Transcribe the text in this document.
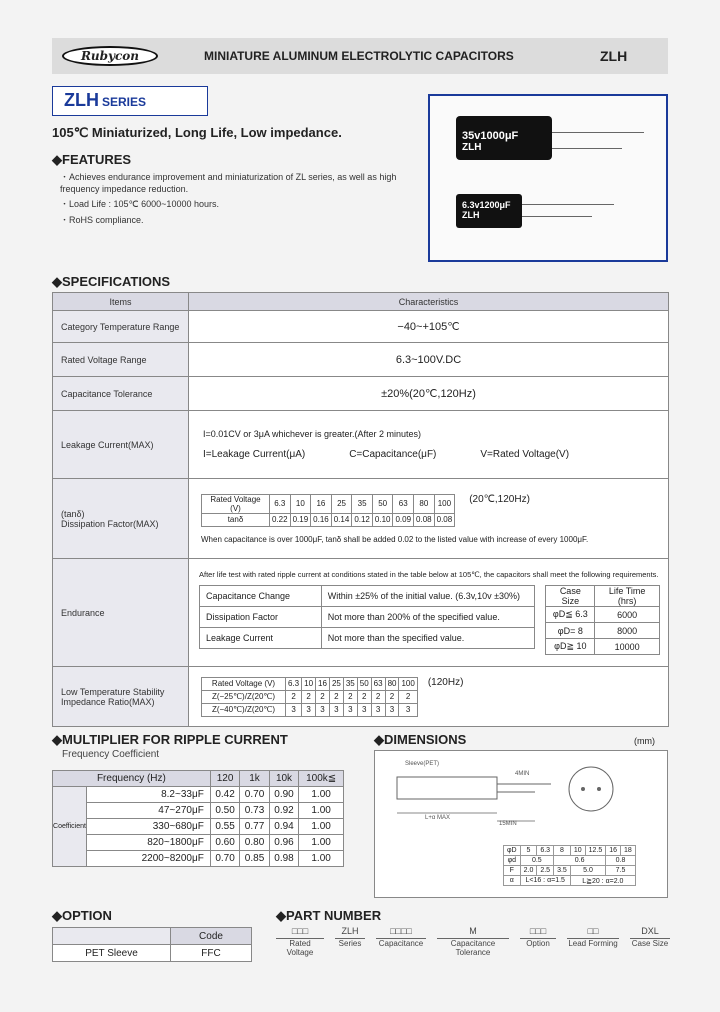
Rubycon	MINIATURE ALUMINUM ELECTROLYTIC CAPACITORS	ZLH
ZLH SERIES
105℃ Miniaturized, Long Life, Low impedance.
◆FEATURES
・Achieves endurance improvement and miniaturization of ZL series, as well as high frequency impedance reduction.
・Load Life : 105℃ 6000~10000 hours.
・RoHS compliance.
35v1000μF
ZLH
6.3v1200μF
ZLH
◆SPECIFICATIONS
Items	Characteristics
Category Temperature Range	−40~+105℃
Rated Voltage Range	6.3~100V.DC
Capacitance Tolerance	±20%(20℃,120Hz)
Leakage Current(MAX)	
I=0.01CV or 3μA whichever is greater.(After 2 minutes)
I=Leakage Current(μA)	C=Capacitance(μF)	V=Rated Voltage(V)

(tanδ)
Dissipation Factor(MAX)

Rated Voltage
(V)	6.3	10	16	25	35	50	63	80	100
tanδ	0.22	0.19	0.16	0.14	0.12	0.10	0.09	0.08	0.08
(20℃,120Hz)
When capacitance is over 1000μF, tanδ shall be added 0.02 to the listed value with increase of every 1000μF.

Endurance	
After life test with rated ripple current at conditions stated in the table below at 105℃, the capacitors shall meet the following requirements.
Capacitance Change	Within ±25% of the initial value. (6.3v,10v ±30%)
Dissipation Factor	Not more than 200% of the specified value.
Leakage Current	Not more than the specified value.
Case Size	Life Time (hrs)
φD≦ 6.3	6000
φD= 8	8000
φD≧ 10	10000

Low Temperature Stability
Impedance Ratio(MAX)

Rated Voltage (V)	6.3	10	16	25	35	50	63	80	100
Z(−25℃)/Z(20℃)	2	2	2	2	2	2	2	2	2
Z(−40℃)/Z(20℃)	3	3	3	3	3	3	3	3	3
(120Hz)
◆MULTIPLIER FOR RIPPLE CURRENT
Frequency Coefficient
Frequency (Hz)		120	1k	10k	100k≦
Coefficient	8.2~33μF	0.42	0.70	0.90	1.00
	47~270μF	0.50	0.73	0.92	1.00
	330~680μF	0.55	0.77	0.94	1.00
	820~1800μF	0.60	0.80	0.96	1.00
	2200~8200μF	0.70	0.85	0.98	1.00
◆DIMENSIONS	(mm)
Sleeve(PET)
L+α MAX
15MIN
4MIN
φD	5	6.3	8	10	12.5	16	18
φd	0.5		0.6			0.8	
F	2.0	2.5	3.5	5.0		7.5	
α	L<16 : α=1.5			L≧20 : α=2.0			
◆OPTION
	Code
PET Sleeve	FFC
◆PART NUMBER
□□□
Rated Voltage
ZLH
Series
□□□□
Capacitance
M
Capacitance Tolerance
□□□
Option
□□
Lead Forming
DXL
Case Size
